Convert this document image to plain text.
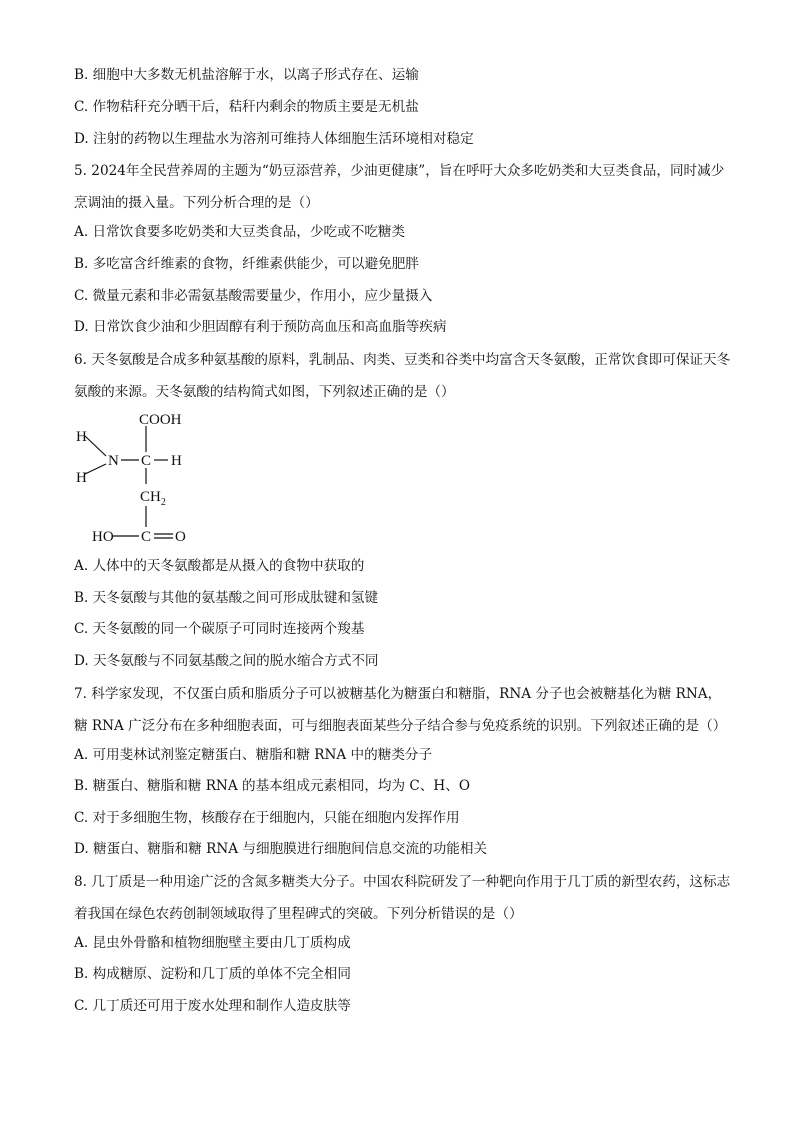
B. 细胞中大多数无机盐溶解于水，以离子形式存在、运输
C. 作物秸秆充分晒干后，秸秆内剩余的物质主要是无机盐
D. 注射的药物以生理盐水为溶剂可维持人体细胞生活环境相对稳定
5. 2024年全民营养周的主题为“奶豆添营养，少油更健康”，旨在呼吁大众多吃奶类和大豆类食品，同时减少烹调油的摄入量。下列分析合理的是（）
A. 日常饮食要多吃奶类和大豆类食品，少吃或不吃糖类
B. 多吃富含纤维素的食物，纤维素供能少，可以避免肥胖
C. 微量元素和非必需氨基酸需要量少，作用小，应少量摄入
D. 日常饮食少油和少胆固醇有利于预防高血压和高血脂等疾病
6. 天冬氨酸是合成多种氨基酸的原料，乳制品、肉类、豆类和谷类中均富含天冬氨酸，正常饮食即可保证天冬氨酸的来源。天冬氨酸的结构简式如图，下列叙述正确的是（）
COOH
H
H
N C H
$CH_2$
HO C O
A. 人体中的天冬氨酸都是从摄入的食物中获取的
B. 天冬氨酸与其他的氨基酸之间可形成肽键和氢键
C. 天冬氨酸的同一个碳原子可同时连接两个羧基
D. 天冬氨酸与不同氨基酸之间的脱水缩合方式不同
7. 科学家发现，不仅蛋白质和脂质分子可以被糖基化为糖蛋白和糖脂，RNA 分子也会被糖基化为糖 RNA，糖 RNA 广泛分布在多种细胞表面，可与细胞表面某些分子结合参与免疫系统的识别。下列叙述正确的是（）
A. 可用斐林试剂鉴定糖蛋白、糖脂和糖 RNA 中的糖类分子
B. 糖蛋白、糖脂和糖 RNA 的基本组成元素相同，均为 C、H、O
C. 对于多细胞生物，核酸存在于细胞内，只能在细胞内发挥作用
D. 糖蛋白、糖脂和糖 RNA 与细胞膜进行细胞间信息交流的功能相关
8. 几丁质是一种用途广泛的含氮多糖类大分子。中国农科院研发了一种靶向作用于几丁质的新型农药，这标志着我国在绿色农药创制领域取得了里程碑式的突破。下列分析错误的是（）
A. 昆虫外骨骼和植物细胞壁主要由几丁质构成
B. 构成糖原、淀粉和几丁质的单体不完全相同
C. 几丁质还可用于废水处理和制作人造皮肤等
